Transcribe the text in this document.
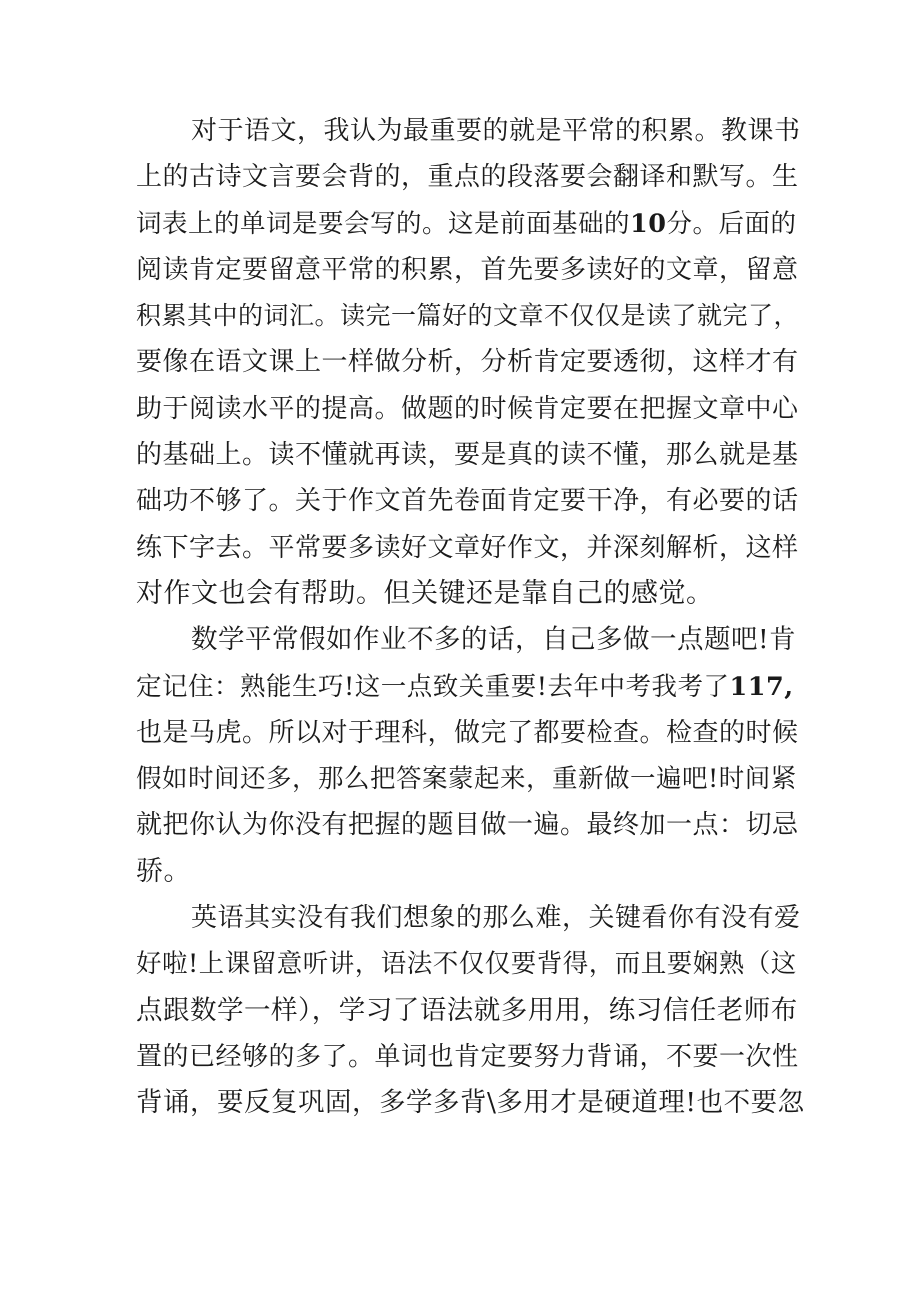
对于语文，我认为最重要的就是平常的积累。教课书
上的古诗文言要会背的，重点的段落要会翻译和默写。生
词表上的单词是要会写的。这是前面基础的10分。后面的
阅读肯定要留意平常的积累，首先要多读好的文章，留意
积累其中的词汇。读完一篇好的文章不仅仅是读了就完了，
要像在语文课上一样做分析，分析肯定要透彻，这样才有
助于阅读水平的提高。做题的时候肯定要在把握文章中心
的基础上。读不懂就再读，要是真的读不懂，那么就是基
础功不够了。关于作文首先卷面肯定要干净，有必要的话
练下字去。平常要多读好文章好作文，并深刻解析，这样
对作文也会有帮助。但关键还是靠自己的感觉。
数学平常假如作业不多的话，自己多做一点题吧!肯
定记住：熟能生巧!这一点致关重要!去年中考我考了117,
也是马虎。所以对于理科，做完了都要检查。检查的时候
假如时间还多，那么把答案蒙起来，重新做一遍吧!时间紧
就把你认为你没有把握的题目做一遍。最终加一点：切忌
骄。
英语其实没有我们想象的那么难，关键看你有没有爱
好啦!上课留意听讲，语法不仅仅要背得，而且要娴熟（这
点跟数学一样），学习了语法就多用用，练习信任老师布
置的已经够的多了。单词也肯定要努力背诵，不要一次性
背诵，要反复巩固，多学多背\多用才是硬道理!也不要忽
